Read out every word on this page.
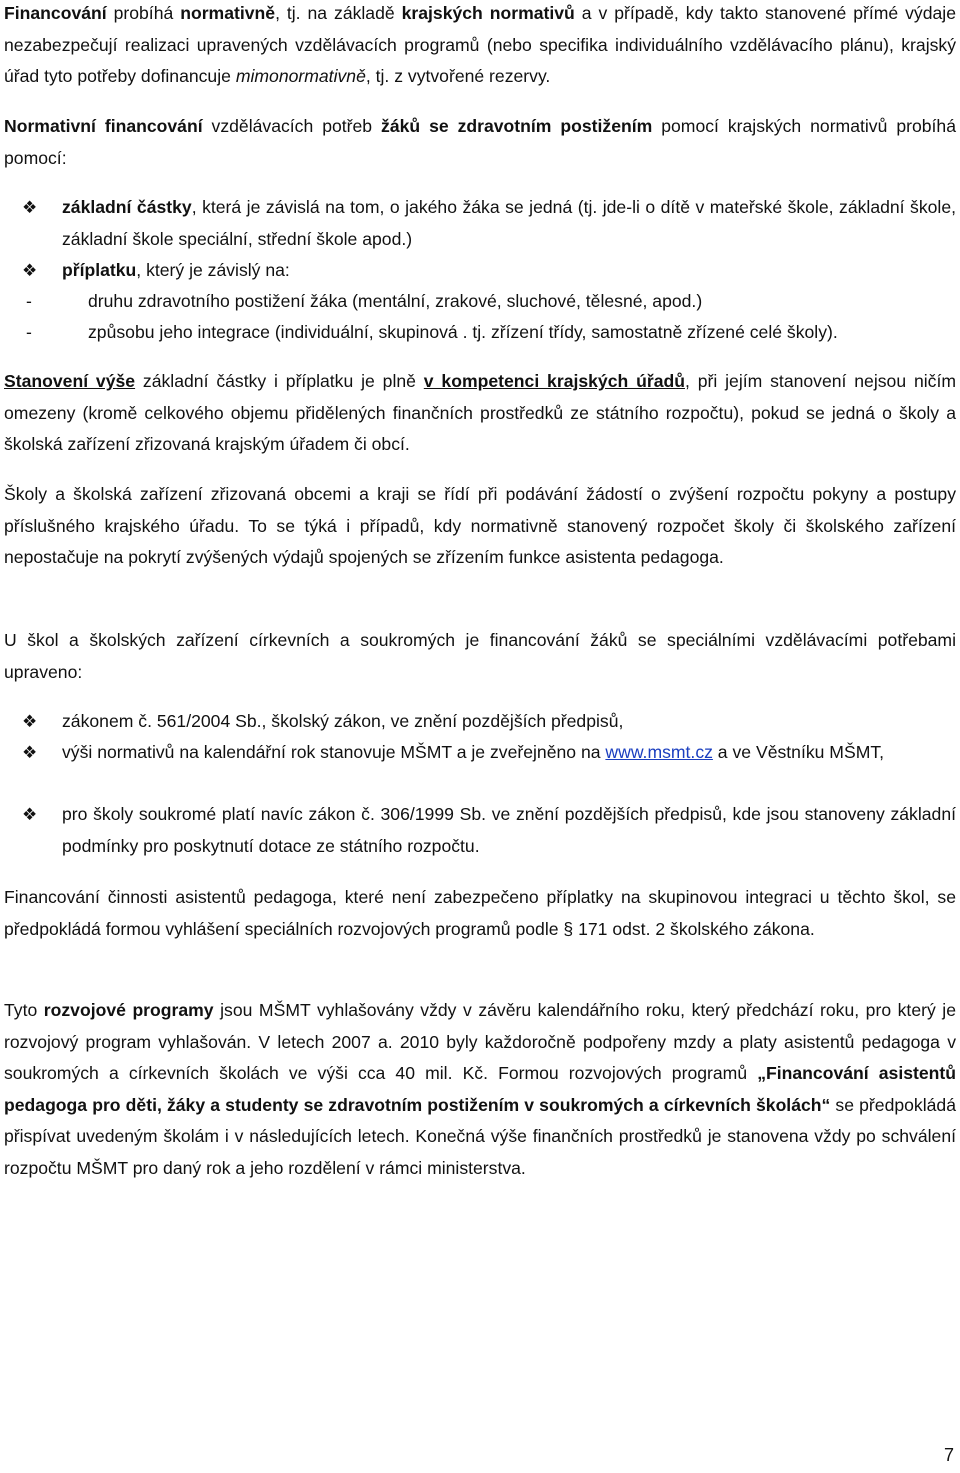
Financování probíhá normativně, tj. na základě krajských normativů a v případě, kdy takto stanovené přímé výdaje nezabezpečují realizaci upravených vzdělávacích programů (nebo specifika individuálního vzdělávacího plánu), krajský úřad tyto potřeby dofinancuje mimonormativně, tj. z vytvořené rezervy.

Normativní financování vzdělávacích potřeb žáků se zdravotním postižením pomocí krajských normativů probíhá pomocí:

❖ základní částky, která je závislá na tom, o jakého žáka se jedná (tj. jde-li o dítě v mateřské škole, základní škole, základní škole speciální, střední škole apod.)
❖ příplatku, který je závislý na:
-	druhu zdravotního postižení žáka (mentální, zrakové, sluchové, tělesné, apod.)
-	způsobu jeho integrace (individuální, skupinová . tj. zřízení třídy, samostatně zřízené celé školy).

Stanovení výše základní částky i příplatku je plně v kompetenci krajských úřadů, při jejím stanovení nejsou ničím omezeny (kromě celkového objemu přidělených finančních prostředků ze státního rozpočtu), pokud se jedná o školy a školská zařízení zřizovaná krajským úřadem či obcí.

Školy a školská zařízení zřizovaná obcemi a kraji se řídí při podávání žádostí o zvýšení rozpočtu pokyny a postupy příslušného krajského úřadu. To se týká i případů, kdy normativně stanovený rozpočet školy či školského zařízení nepostačuje na pokrytí zvýšených výdajů spojených se zřízením funkce asistenta pedagoga.

U škol a školských zařízení církevních a soukromých je financování žáků se speciálními vzdělávacími potřebami upraveno:

❖ zákonem č. 561/2004 Sb., školský zákon, ve znění pozdějších předpisů,
❖ výši normativů na kalendářní rok stanovuje MŠMT a je zveřejněno na www.msmt.cz a ve Věstníku MŠMT,
❖ pro školy soukromé platí navíc zákon č. 306/1999 Sb. ve znění pozdějších předpisů, kde jsou stanoveny základní podmínky pro poskytnutí dotace ze státního rozpočtu.

Financování činnosti asistentů pedagoga, které není zabezpečeno příplatky na skupinovou integraci u těchto škol, se předpokládá formou vyhlášení speciálních rozvojových programů podle § 171 odst. 2 školského zákona.

Tyto rozvojové programy jsou MŠMT vyhlašovány vždy v závěru kalendářního roku, který předchází roku, pro který je rozvojový program vyhlašován. V letech 2007 a. 2010 byly každoročně podpořeny mzdy a platy asistentů pedagoga v soukromých a církevních školách ve výši cca 40 mil. Kč. Formou rozvojových programů „Financování asistentů pedagoga pro děti, žáky a studenty se zdravotním postižením v soukromých a církevních školách“ se předpokládá přispívat uvedeným školám i v následujících letech. Konečná výše finančních prostředků je stanovena vždy po schválení rozpočtu MŠMT pro daný rok a jeho rozdělení v rámci ministerstva.

7
